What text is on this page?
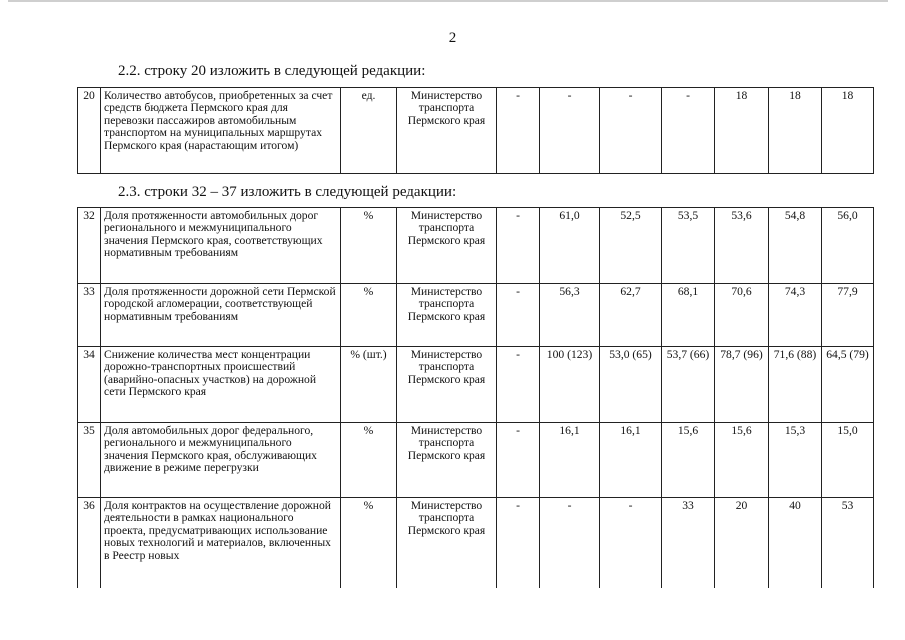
2
2.2. строку 20 изложить в следующей редакции:
20	Количество автобусов, приобретенных за счет средств бюджета Пермского края для перевозки пассажиров автомобильным транспортом на муниципальных маршрутах Пермского края (нарастающим итогом)	ед.	Министерство транспорта Пермского края	-	-	-	-	18	18	18
2.3. строки 32 – 37 изложить в следующей редакции:
32	Доля протяженности автомобильных дорог регионального и межмуниципального значения Пермского края, соответствующих нормативным требованиям	%	Министерство транспорта Пермского края	-	61,0	52,5	53,5	53,6	54,8	56,0
33	Доля протяженности дорожной сети Пермской городской агломерации, соответствующей нормативным требованиям	%	Министерство транспорта Пермского края	-	56,3	62,7	68,1	70,6	74,3	77,9
34	Снижение количества мест концентрации дорожно-транспортных происшествий (аварийно-опасных участков) на дорожной сети Пермского края	% (шт.)	Министерство транспорта Пермского края	-	100 (123)	53,0 (65)	53,7 (66)	78,7 (96)	71,6 (88)	64,5 (79)
35	Доля автомобильных дорог федерального, регионального и межмуниципального значения Пермского края, обслуживающих движение в режиме перегрузки	%	Министерство транспорта Пермского края	-	16,1	16,1	15,6	15,6	15,3	15,0
36	Доля контрактов на осуществление дорожной деятельности в рамках национального проекта, предусматривающих использование новых технологий и материалов, включенных в Реестр новых	%	Министерство транспорта Пермского края	-	-	-	33	20	40	53
